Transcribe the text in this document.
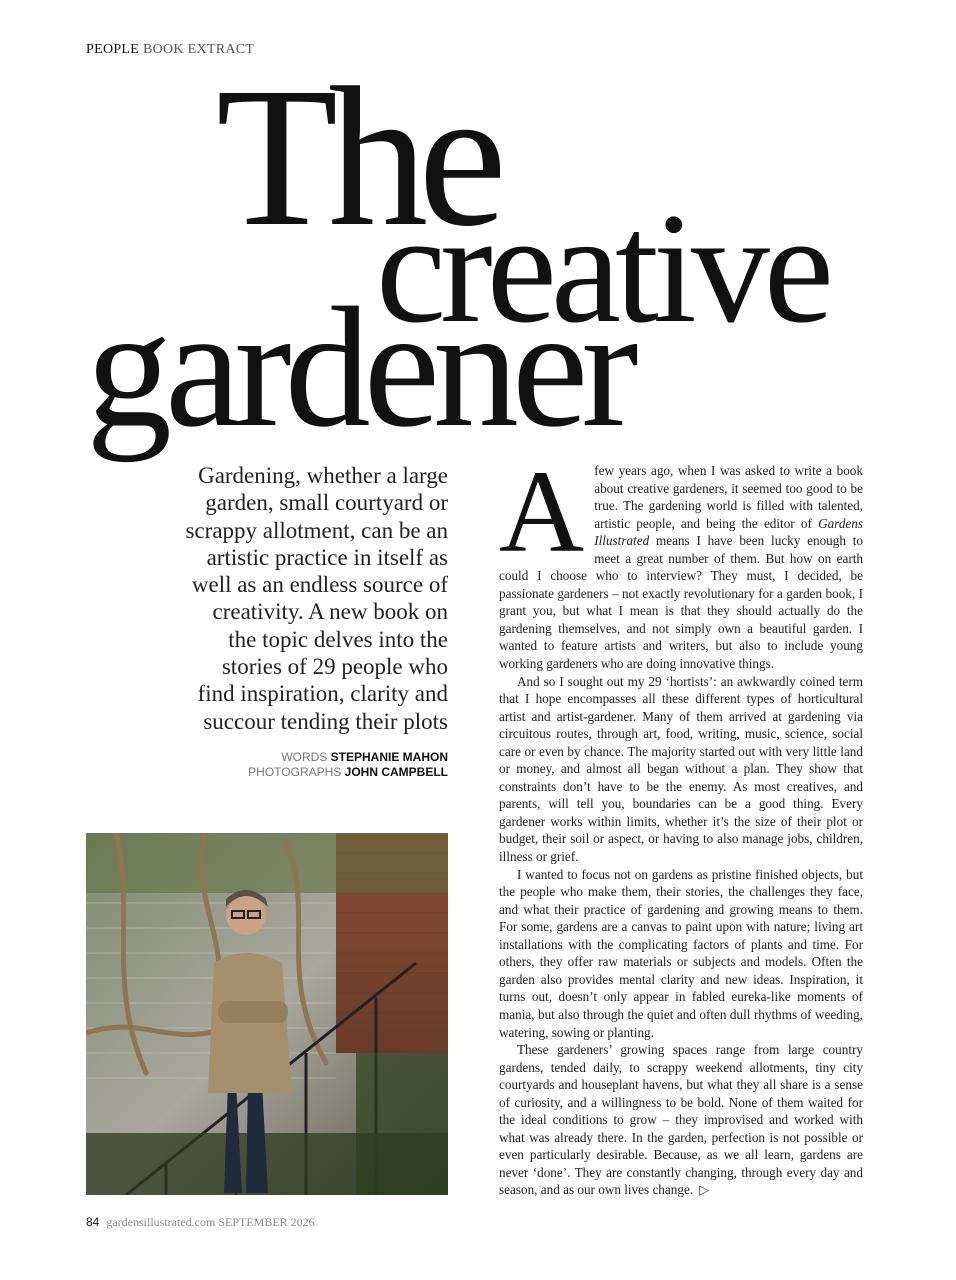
PEOPLE BOOK EXTRACT
The
creative
gardener

Gardening, whether a large garden, small courtyard or scrappy allotment, can be an artistic practice in itself as well as an endless source of creativity. A new book on the topic delves into the stories of 29 people who find inspiration, clarity and succour tending their plots

WORDS STEPHANIE MAHON
PHOTOGRAPHS JOHN CAMPBELL

Afew years ago, when I was asked to write a book about creative gardeners, it seemed too good to be true. The gardening world is filled with talented, artistic people, and being the editor of Gardens Illustrated means I have been lucky enough to meet a great number of them. But how on earth could I choose who to interview? They must, I decided, be passionate gardeners – not exactly revolutionary for a garden book, I grant you, but what I mean is that they should actually do the gardening themselves, and not simply own a beautiful garden. I wanted to feature artists and writers, but also to include young working gardeners who are doing innovative things.

And so I sought out my 29 ‘hortists’: an awkwardly coined term that I hope encompasses all these different types of horticultural artist and artist-gardener. Many of them arrived at gardening via circuitous routes, through art, food, writing, music, science, social care or even by chance. The majority started out with very little land or money, and almost all began without a plan. They show that constraints don’t have to be the enemy. As most creatives, and parents, will tell you, boundaries can be a good thing. Every gardener works within limits, whether it’s the size of their plot or budget, their soil or aspect, or having to also manage jobs, children, illness or grief.

I wanted to focus not on gardens as pristine finished objects, but the people who make them, their stories, the challenges they face, and what their practice of gardening and growing means to them. For some, gardens are a canvas to paint upon with nature; living art installations with the complicating factors of plants and time. For others, they offer raw materials or subjects and models. Often the garden also provides mental clarity and new ideas. Inspiration, it turns out, doesn’t only appear in fabled eureka-like moments of mania, but also through the quiet and often dull rhythms of weeding, watering, sowing or planting.

These gardeners’ growing spaces range from large country gardens, tended daily, to scrappy weekend allotments, tiny city courtyards and houseplant havens, but what they all share is a sense of curiosity, and a willingness to be bold. None of them waited for the ideal conditions to grow – they improvised and worked with what was already there. In the garden, perfection is not possible or even particularly desirable. Because, as we all learn, gardens are never ‘done’. They are constantly changing, through every day and season, and as our own lives change. ▷

84 gardensillustrated.com SEPTEMBER 2026
